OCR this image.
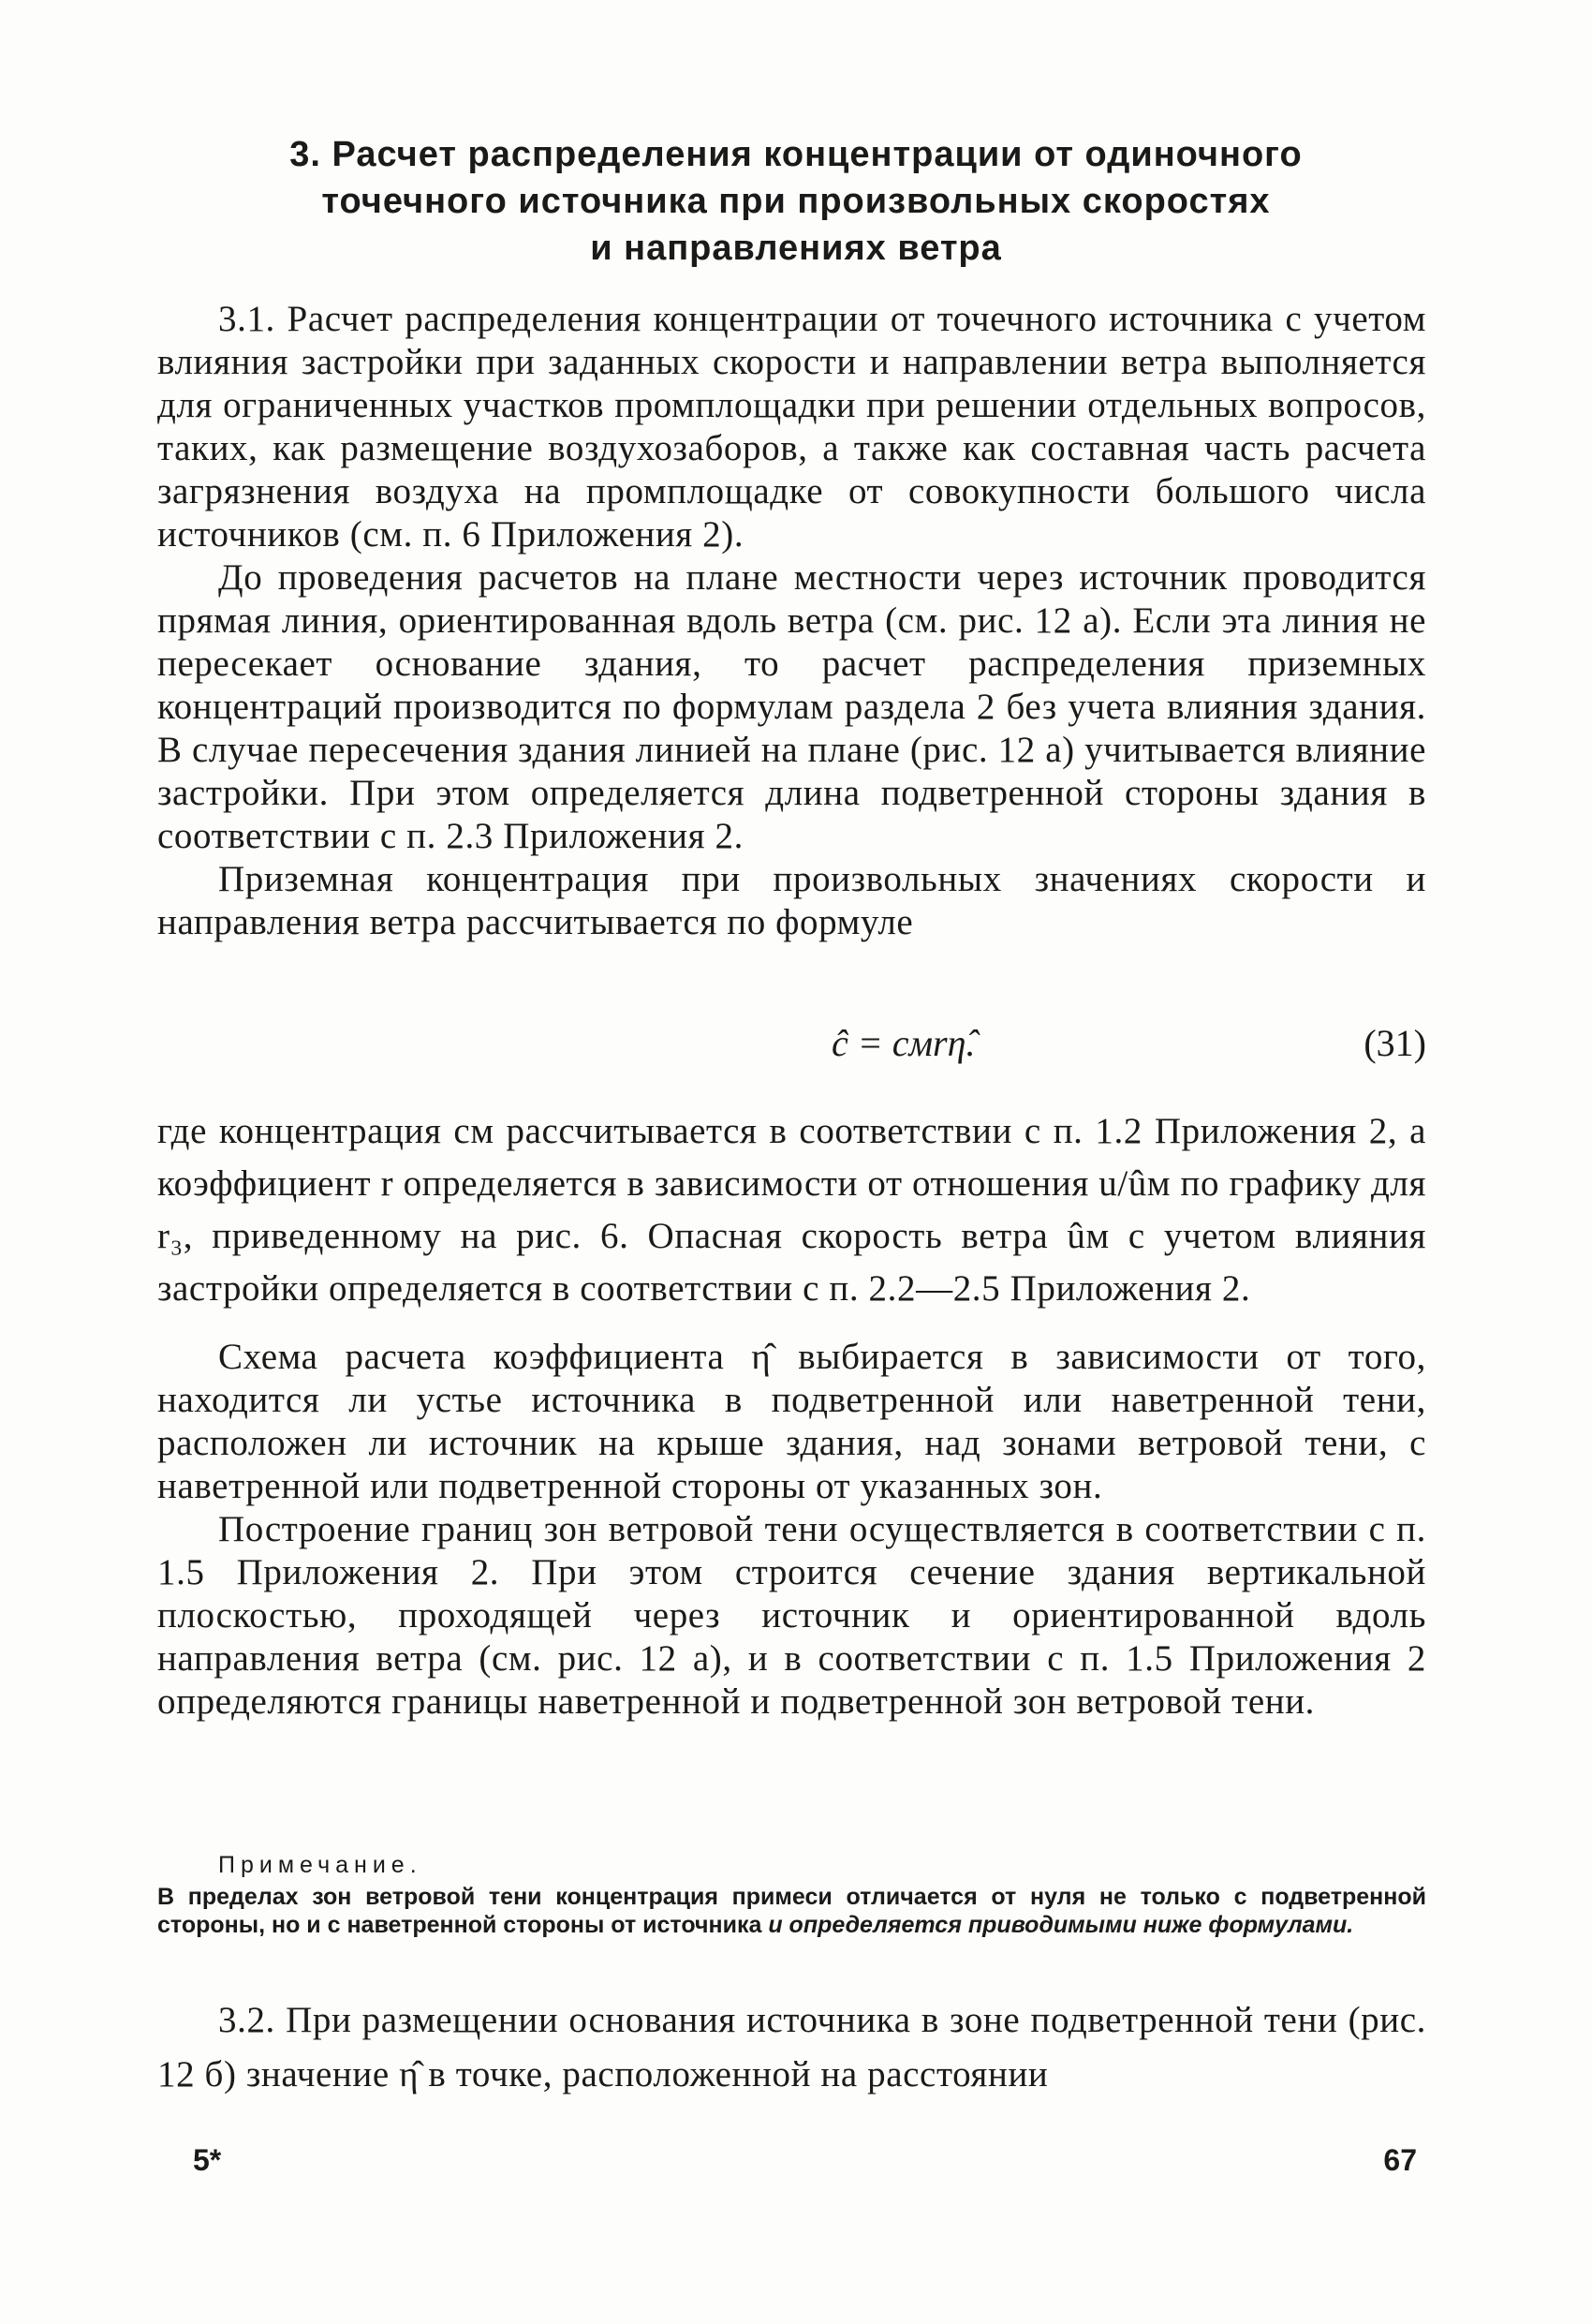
3. Расчет распределения концентрации от одиночного
точечного источника при произвольных скоростях
и направлениях ветра

3.1. Расчет распределения концентрации от точечного источника с учетом влияния застройки при заданных скорости и направлении ветра выполняется для ограниченных участков промплощадки при решении отдельных вопросов, таких, как размещение воздухозаборов, а также как составная часть расчета загрязнения воздуха на промплощадке от совокупности большого числа источников (см. п. 6 Приложения 2).

До проведения расчетов на плане местности через источник проводится прямая линия, ориентированная вдоль ветра (см. рис. 12 а). Если эта линия не пересекает основание здания, то расчет распределения приземных концентраций производится по формулам раздела 2 без учета влияния здания. В случае пересечения здания линией на плане (рис. 12 а) учитывается влияние застройки. При этом определяется длина подветренной стороны здания в соответствии с п. 2.3 Приложения 2.

Приземная концентрация при произвольных значениях скорости и направления ветра рассчитывается по формуле

ĉ = cмrη̂.	(31)

где концентрация cм рассчитывается в соответствии с п. 1.2 Приложения 2, а коэффициент r определяется в зависимости от отношения u/ûм по графику для r₃, приведенному на рис. 6. Опасная скорость ветра ûм с учетом влияния застройки определяется в соответствии с п. 2.2—2.5 Приложения 2.

Схема расчета коэффициента η̂ выбирается в зависимости от того, находится ли устье источника в подветренной или наветренной тени, расположен ли источник на крыше здания, над зонами ветровой тени, с наветренной или подветренной стороны от указанных зон.

Построение границ зон ветровой тени осуществляется в соответствии с п. 1.5 Приложения 2. При этом строится сечение здания вертикальной плоскостью, проходящей через источник и ориентированной вдоль направления ветра (см. рис. 12 а), и в соответствии с п. 1.5 Приложения 2 определяются границы наветренной и подветренной зон ветровой тени.

Примечание.

В пределах зон ветровой тени концентрация примеси отличается от нуля не только с подветренной стороны, но и с наветренной стороны от источника и определяется приводимыми ниже формулами.

3.2. При размещении основания источника в зоне подветренной тени (рис. 12 б) значение η̂ в точке, расположенной на расстоянии

5*	67
